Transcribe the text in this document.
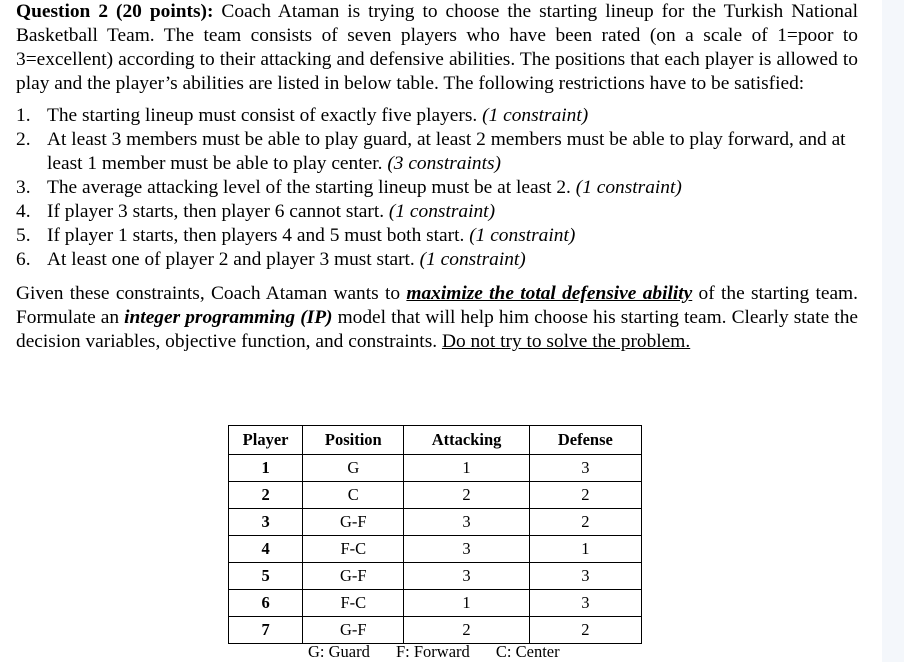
Question 2 (20 points): Coach Ataman is trying to choose the starting lineup for the Turkish National Basketball Team. The team consists of seven players who have been rated (on a scale of 1=poor to 3=excellent) according to their attacking and defensive abilities. The positions that each player is allowed to play and the player’s abilities are listed in below table. The following restrictions have to be satisfied:

1. The starting lineup must consist of exactly five players. (1 constraint)
2. At least 3 members must be able to play guard, at least 2 members must be able to play forward, and at least 1 member must be able to play center. (3 constraints)
3. The average attacking level of the starting lineup must be at least 2. (1 constraint)
4. If player 3 starts, then player 6 cannot start. (1 constraint)
5. If player 1 starts, then players 4 and 5 must both start. (1 constraint)
6. At least one of player 2 and player 3 must start. (1 constraint)

Given these constraints, Coach Ataman wants to maximize the total defensive ability of the starting team. Formulate an integer programming (IP) model that will help him choose his starting team. Clearly state the decision variables, objective function, and constraints. Do not try to solve the problem.

Player	Position	Attacking	Defense
1	G	1	3
2	C	2	2
3	G-F	3	2
4	F-C	3	1
5	G-F	3	3
6	F-C	1	3
7	G-F	2	2
G: Guard F: Forward C: Center
